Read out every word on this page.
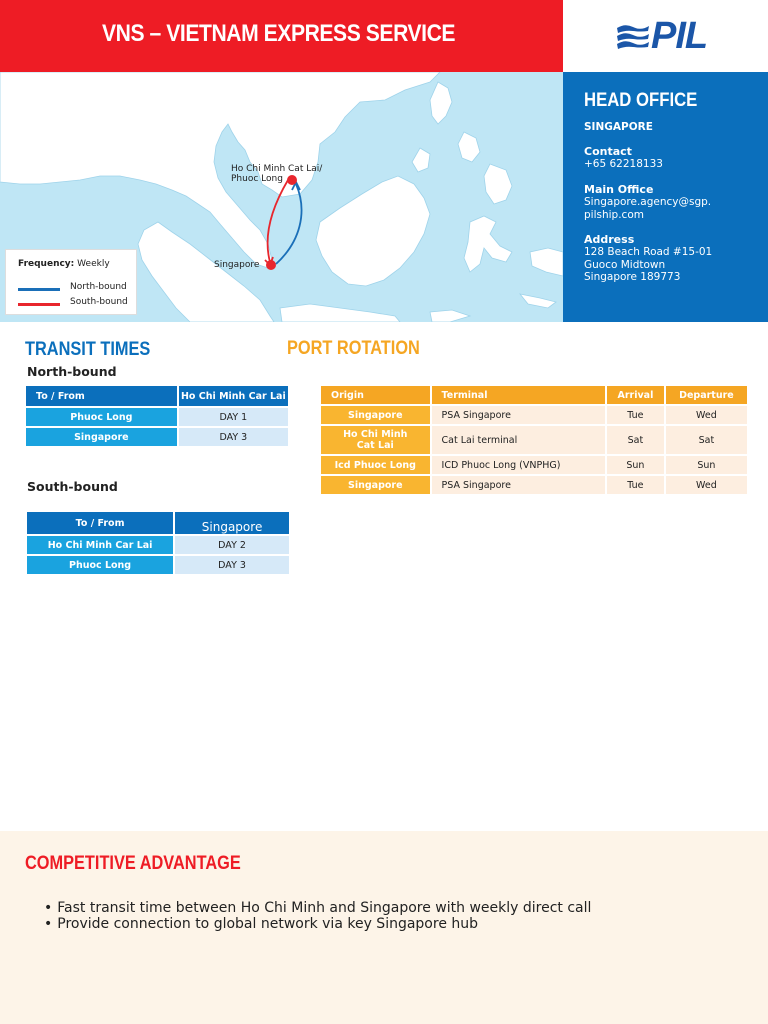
VNS – VIETNAM EXPRESS SERVICE	PIL
Ho Chi Minh Cat Lai/
Phuoc Long
Singapore
Frequency: Weekly
North-bound
South-bound
HEAD OFFICE
SINGAPORE
Contact
+65 62218133
Main Office
Singapore.agency@sgp.
pilship.com
Address
128 Beach Road #15-01
Guoco Midtown
Singapore 189773
TRANSIT TIMES
North-bound
To / From	Ho Chi Minh Car Lai
Phuoc Long	DAY 1
Singapore	DAY 3
South-bound
To / From	Singapore
Ho Chi Minh Car Lai	DAY 2
Phuoc Long	DAY 3
PORT ROTATION
Origin	Terminal	Arrival	Departure
Singapore	PSA Singapore	Tue	Wed
Ho Chi Minh
Cat Lai	Cat Lai terminal	Sat	Sat
Icd Phuoc Long	ICD Phuoc Long (VNPHG)	Sun	Sun
Singapore	PSA Singapore	Tue	Wed
COMPETITIVE ADVANTAGE
• Fast transit time between Ho Chi Minh and Singapore with weekly direct call
• Provide connection to global network via key Singapore hub
